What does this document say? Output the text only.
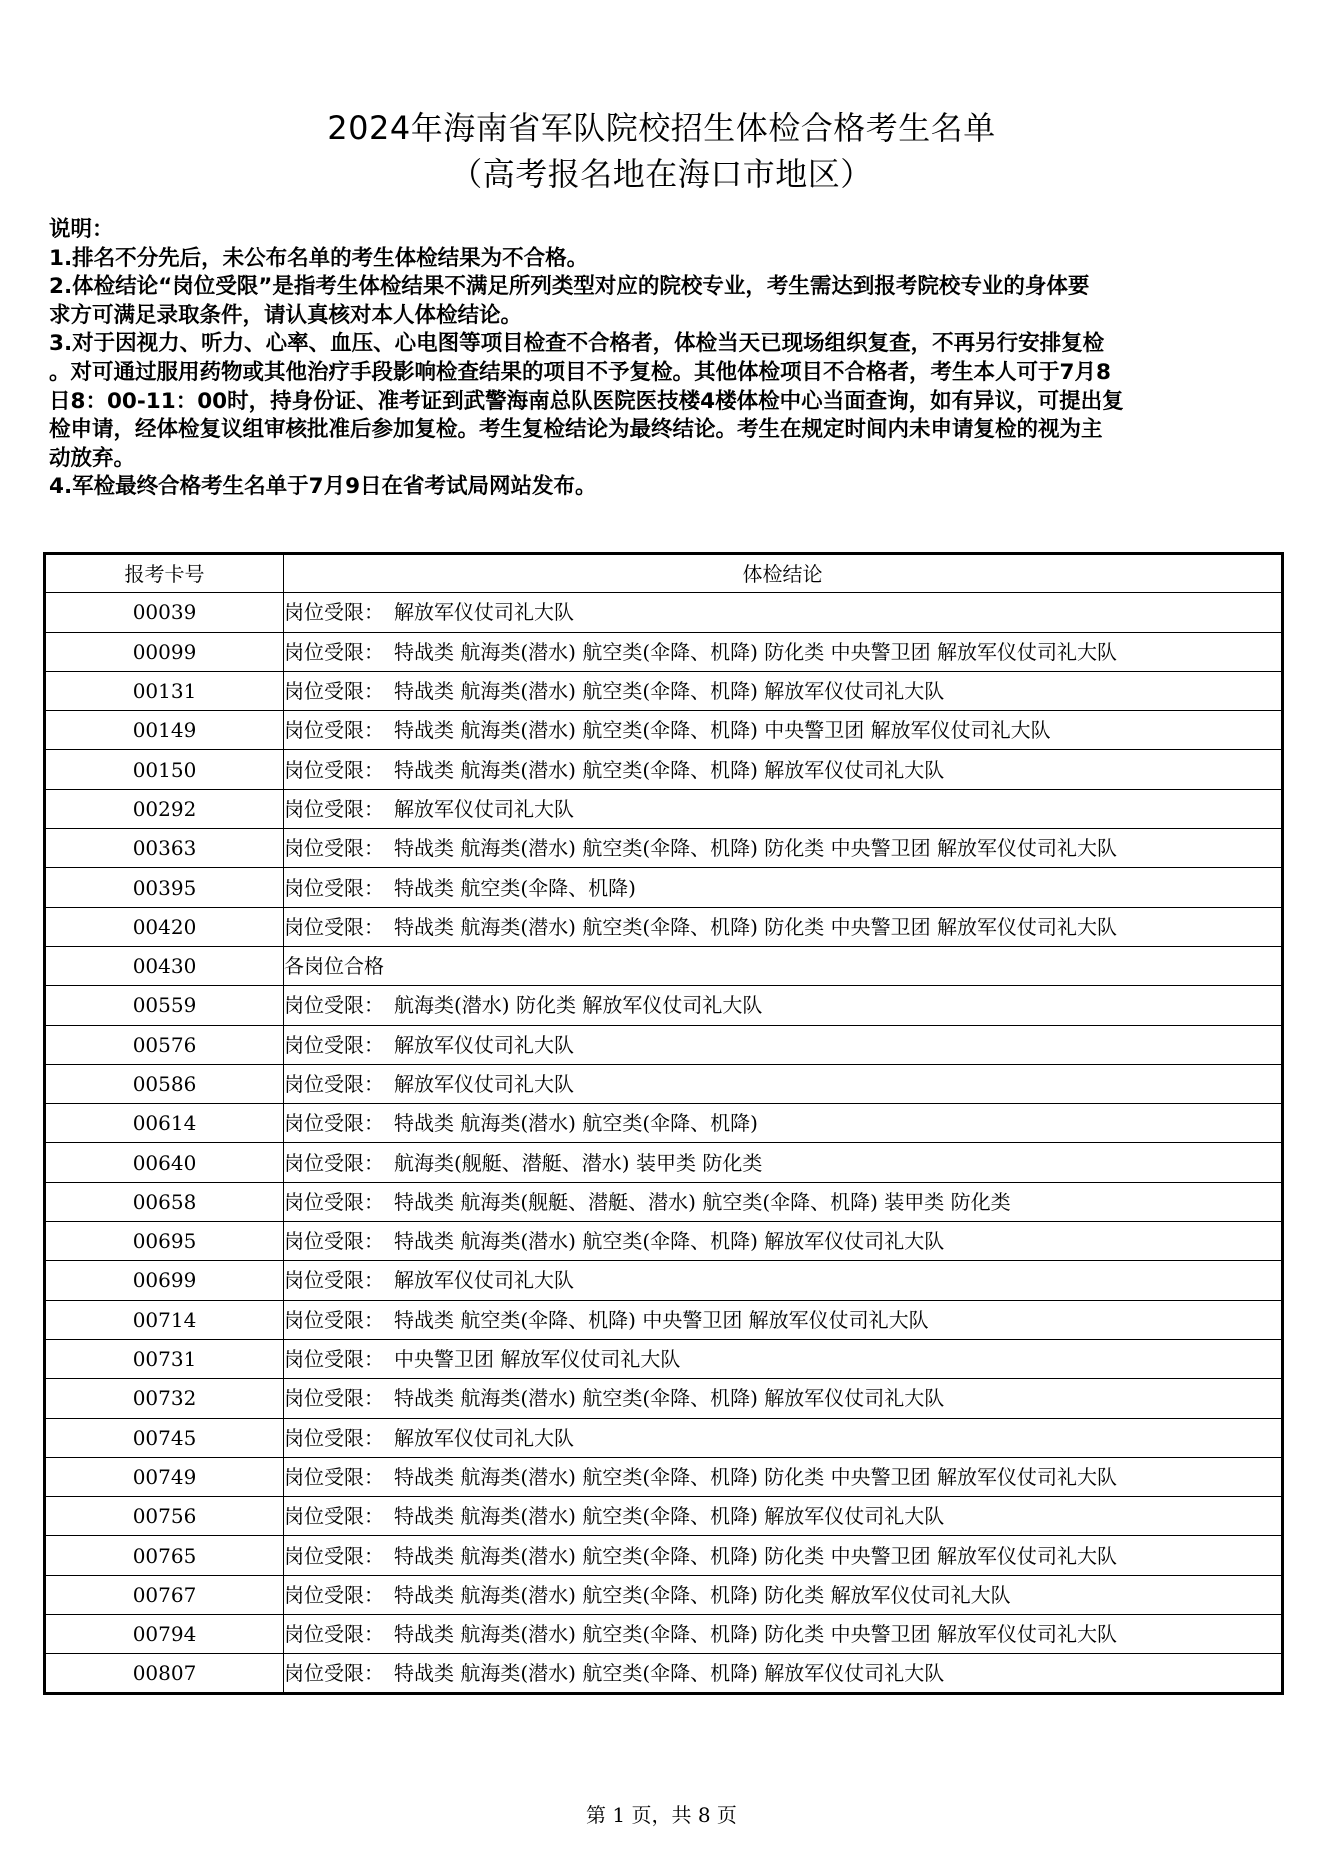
2024年海南省军队院校招生体检合格考生名单
（高考报名地在海口市地区）
说明：
1.排名不分先后，未公布名单的考生体检结果为不合格。
2.体检结论“岗位受限”是指考生体检结果不满足所列类型对应的院校专业，考生需达到报考院校专业的身体要
求方可满足录取条件，请认真核对本人体检结论。
3.对于因视力、听力、心率、血压、心电图等项目检查不合格者，体检当天已现场组织复查，不再另行安排复检
。对可通过服用药物或其他治疗手段影响检查结果的项目不予复检。其他体检项目不合格者，考生本人可于7月8
日8：00-11：00时，持身份证、准考证到武警海南总队医院医技楼4楼体检中心当面查询，如有异议，可提出复
检申请，经体检复议组审核批准后参加复检。考生复检结论为最终结论。考生在规定时间内未申请复检的视为主
动放弃。
4.军检最终合格考生名单于7月9日在省考试局网站发布。
报考卡号	体检结论
00039	岗位受限：　解放军仪仗司礼大队
00099	岗位受限：　特战类 航海类(潜水) 航空类(伞降、机降) 防化类 中央警卫团 解放军仪仗司礼大队
00131	岗位受限：　特战类 航海类(潜水) 航空类(伞降、机降) 解放军仪仗司礼大队
00149	岗位受限：　特战类 航海类(潜水) 航空类(伞降、机降) 中央警卫团 解放军仪仗司礼大队
00150	岗位受限：　特战类 航海类(潜水) 航空类(伞降、机降) 解放军仪仗司礼大队
00292	岗位受限：　解放军仪仗司礼大队
00363	岗位受限：　特战类 航海类(潜水) 航空类(伞降、机降) 防化类 中央警卫团 解放军仪仗司礼大队
00395	岗位受限：　特战类 航空类(伞降、机降)
00420	岗位受限：　特战类 航海类(潜水) 航空类(伞降、机降) 防化类 中央警卫团 解放军仪仗司礼大队
00430	各岗位合格
00559	岗位受限：　航海类(潜水) 防化类 解放军仪仗司礼大队
00576	岗位受限：　解放军仪仗司礼大队
00586	岗位受限：　解放军仪仗司礼大队
00614	岗位受限：　特战类 航海类(潜水) 航空类(伞降、机降)
00640	岗位受限：　航海类(舰艇、潜艇、潜水) 装甲类 防化类
00658	岗位受限：　特战类 航海类(舰艇、潜艇、潜水) 航空类(伞降、机降) 装甲类 防化类
00695	岗位受限：　特战类 航海类(潜水) 航空类(伞降、机降) 解放军仪仗司礼大队
00699	岗位受限：　解放军仪仗司礼大队
00714	岗位受限：　特战类 航空类(伞降、机降) 中央警卫团 解放军仪仗司礼大队
00731	岗位受限：　中央警卫团 解放军仪仗司礼大队
00732	岗位受限：　特战类 航海类(潜水) 航空类(伞降、机降) 解放军仪仗司礼大队
00745	岗位受限：　解放军仪仗司礼大队
00749	岗位受限：　特战类 航海类(潜水) 航空类(伞降、机降) 防化类 中央警卫团 解放军仪仗司礼大队
00756	岗位受限：　特战类 航海类(潜水) 航空类(伞降、机降) 解放军仪仗司礼大队
00765	岗位受限：　特战类 航海类(潜水) 航空类(伞降、机降) 防化类 中央警卫团 解放军仪仗司礼大队
00767	岗位受限：　特战类 航海类(潜水) 航空类(伞降、机降) 防化类 解放军仪仗司礼大队
00794	岗位受限：　特战类 航海类(潜水) 航空类(伞降、机降) 防化类 中央警卫团 解放军仪仗司礼大队
00807	岗位受限：　特战类 航海类(潜水) 航空类(伞降、机降) 解放军仪仗司礼大队
第 1 页，共 8 页
